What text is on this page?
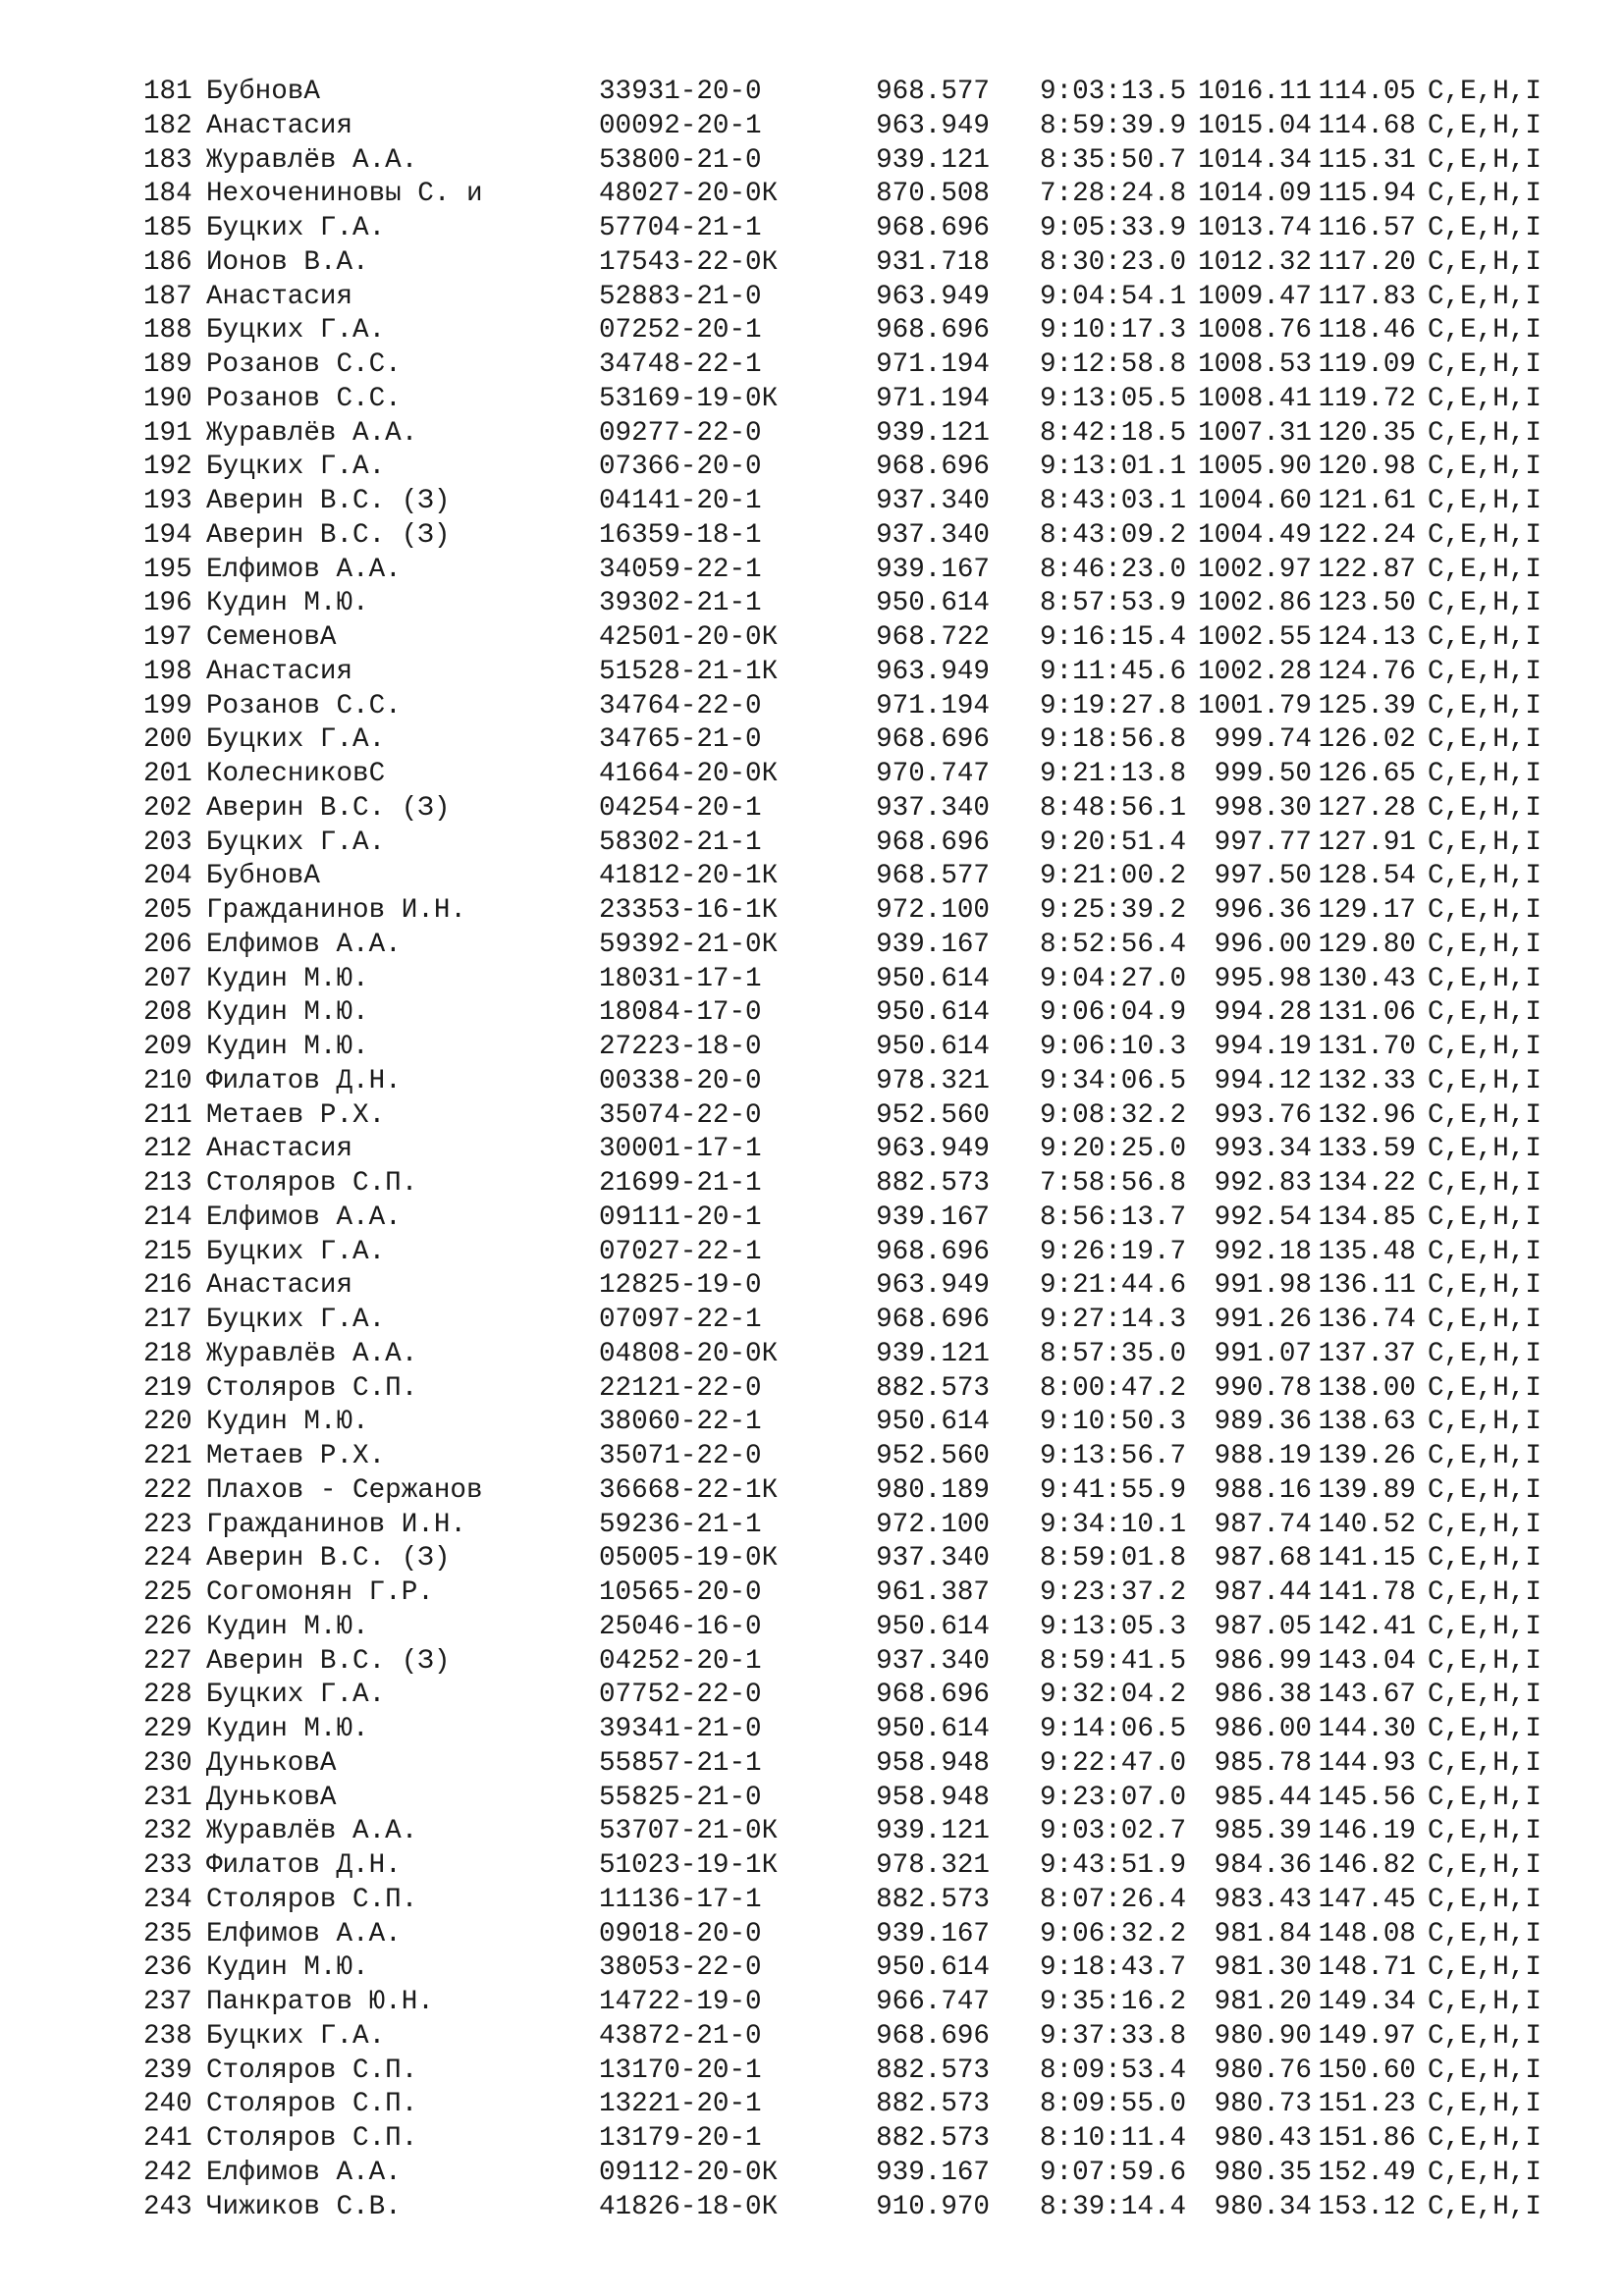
181 БубновА	33931-20-0	968.577	9:03:13.5 1016.11 114.05 C,E,H,I
182 Анастасия	00092-20-1	963.949	8:59:39.9 1015.04 114.68 C,E,H,I
183 Журавлёв А.А.	53800-21-0	939.121	8:35:50.7 1014.34 115.31 C,E,H,I
184 Нехочениновы С. и	48027-20-0К	870.508	7:28:24.8 1014.09 115.94 C,E,H,I
185 Буцких Г.А.	57704-21-1	968.696	9:05:33.9 1013.74 116.57 C,E,H,I
186 Ионов В.А.	17543-22-0К	931.718	8:30:23.0 1012.32 117.20 C,E,H,I
187 Анастасия	52883-21-0	963.949	9:04:54.1 1009.47 117.83 C,E,H,I
188 Буцких Г.А.	07252-20-1	968.696	9:10:17.3 1008.76 118.46 C,E,H,I
189 Розанов С.С.	34748-22-1	971.194	9:12:58.8 1008.53 119.09 C,E,H,I
190 Розанов С.С.	53169-19-0К	971.194	9:13:05.5 1008.41 119.72 C,E,H,I
191 Журавлёв А.А.	09277-22-0	939.121	8:42:18.5 1007.31 120.35 C,E,H,I
192 Буцких Г.А.	07366-20-0	968.696	9:13:01.1 1005.90 120.98 C,E,H,I
193 Аверин В.С. (З)	04141-20-1	937.340	8:43:03.1 1004.60 121.61 C,E,H,I
194 Аверин В.С. (З)	16359-18-1	937.340	8:43:09.2 1004.49 122.24 C,E,H,I
195 Елфимов А.А.	34059-22-1	939.167	8:46:23.0 1002.97 122.87 C,E,H,I
196 Кудин М.Ю.	39302-21-1	950.614	8:57:53.9 1002.86 123.50 C,E,H,I
197 СеменовА	42501-20-0К	968.722	9:16:15.4 1002.55 124.13 C,E,H,I
198 Анастасия	51528-21-1К	963.949	9:11:45.6 1002.28 124.76 C,E,H,I
199 Розанов С.С.	34764-22-0	971.194	9:19:27.8 1001.79 125.39 C,E,H,I
200 Буцких Г.А.	34765-21-0	968.696	9:18:56.8	999.74 126.02 C,E,H,I
201 КолесниковС	41664-20-0К	970.747	9:21:13.8	999.50 126.65 C,E,H,I
202 Аверин В.С. (З)	04254-20-1	937.340	8:48:56.1	998.30 127.28 C,E,H,I
203 Буцких Г.А.	58302-21-1	968.696	9:20:51.4	997.77 127.91 C,E,H,I
204 БубновА	41812-20-1К	968.577	9:21:00.2	997.50 128.54 C,E,H,I
205 Гражданинов И.Н.	23353-16-1К	972.100	9:25:39.2	996.36 129.17 C,E,H,I
206 Елфимов А.А.	59392-21-0К	939.167	8:52:56.4	996.00 129.80 C,E,H,I
207 Кудин М.Ю.	18031-17-1	950.614	9:04:27.0	995.98 130.43 C,E,H,I
208 Кудин М.Ю.	18084-17-0	950.614	9:06:04.9	994.28 131.06 C,E,H,I
209 Кудин М.Ю.	27223-18-0	950.614	9:06:10.3	994.19 131.70 C,E,H,I
210 Филатов Д.Н.	00338-20-0	978.321	9:34:06.5	994.12 132.33 C,E,H,I
211 Метаев Р.Х.	35074-22-0	952.560	9:08:32.2	993.76 132.96 C,E,H,I
212 Анастасия	30001-17-1	963.949	9:20:25.0	993.34 133.59 C,E,H,I
213 Столяров С.П.	21699-21-1	882.573	7:58:56.8	992.83 134.22 C,E,H,I
214 Елфимов А.А.	09111-20-1	939.167	8:56:13.7	992.54 134.85 C,E,H,I
215 Буцких Г.А.	07027-22-1	968.696	9:26:19.7	992.18 135.48 C,E,H,I
216 Анастасия	12825-19-0	963.949	9:21:44.6	991.98 136.11 C,E,H,I
217 Буцких Г.А.	07097-22-1	968.696	9:27:14.3	991.26 136.74 C,E,H,I
218 Журавлёв А.А.	04808-20-0К	939.121	8:57:35.0	991.07 137.37 C,E,H,I
219 Столяров С.П.	22121-22-0	882.573	8:00:47.2	990.78 138.00 C,E,H,I
220 Кудин М.Ю.	38060-22-1	950.614	9:10:50.3	989.36 138.63 C,E,H,I
221 Метаев Р.Х.	35071-22-0	952.560	9:13:56.7	988.19 139.26 C,E,H,I
222 Плахов - Сержанов	36668-22-1К	980.189	9:41:55.9	988.16 139.89 C,E,H,I
223 Гражданинов И.Н.	59236-21-1	972.100	9:34:10.1	987.74 140.52 C,E,H,I
224 Аверин В.С. (З)	05005-19-0К	937.340	8:59:01.8	987.68 141.15 C,E,H,I
225 Согомонян Г.Р.	10565-20-0	961.387	9:23:37.2	987.44 141.78 C,E,H,I
226 Кудин М.Ю.	25046-16-0	950.614	9:13:05.3	987.05 142.41 C,E,H,I
227 Аверин В.С. (З)	04252-20-1	937.340	8:59:41.5	986.99 143.04 C,E,H,I
228 Буцких Г.А.	07752-22-0	968.696	9:32:04.2	986.38 143.67 C,E,H,I
229 Кудин М.Ю.	39341-21-0	950.614	9:14:06.5	986.00 144.30 C,E,H,I
230 ДуньковА	55857-21-1	958.948	9:22:47.0	985.78 144.93 C,E,H,I
231 ДуньковА	55825-21-0	958.948	9:23:07.0	985.44 145.56 C,E,H,I
232 Журавлёв А.А.	53707-21-0К	939.121	9:03:02.7	985.39 146.19 C,E,H,I
233 Филатов Д.Н.	51023-19-1К	978.321	9:43:51.9	984.36 146.82 C,E,H,I
234 Столяров С.П.	11136-17-1	882.573	8:07:26.4	983.43 147.45 C,E,H,I
235 Елфимов А.А.	09018-20-0	939.167	9:06:32.2	981.84 148.08 C,E,H,I
236 Кудин М.Ю.	38053-22-0	950.614	9:18:43.7	981.30 148.71 C,E,H,I
237 Панкратов Ю.Н.	14722-19-0	966.747	9:35:16.2	981.20 149.34 C,E,H,I
238 Буцких Г.А.	43872-21-0	968.696	9:37:33.8	980.90 149.97 C,E,H,I
239 Столяров С.П.	13170-20-1	882.573	8:09:53.4	980.76 150.60 C,E,H,I
240 Столяров С.П.	13221-20-1	882.573	8:09:55.0	980.73 151.23 C,E,H,I
241 Столяров С.П.	13179-20-1	882.573	8:10:11.4	980.43 151.86 C,E,H,I
242 Елфимов А.А.	09112-20-0К	939.167	9:07:59.6	980.35 152.49 C,E,H,I
243 Чижиков С.В.	41826-18-0К	910.970	8:39:14.4	980.34 153.12 C,E,H,I
